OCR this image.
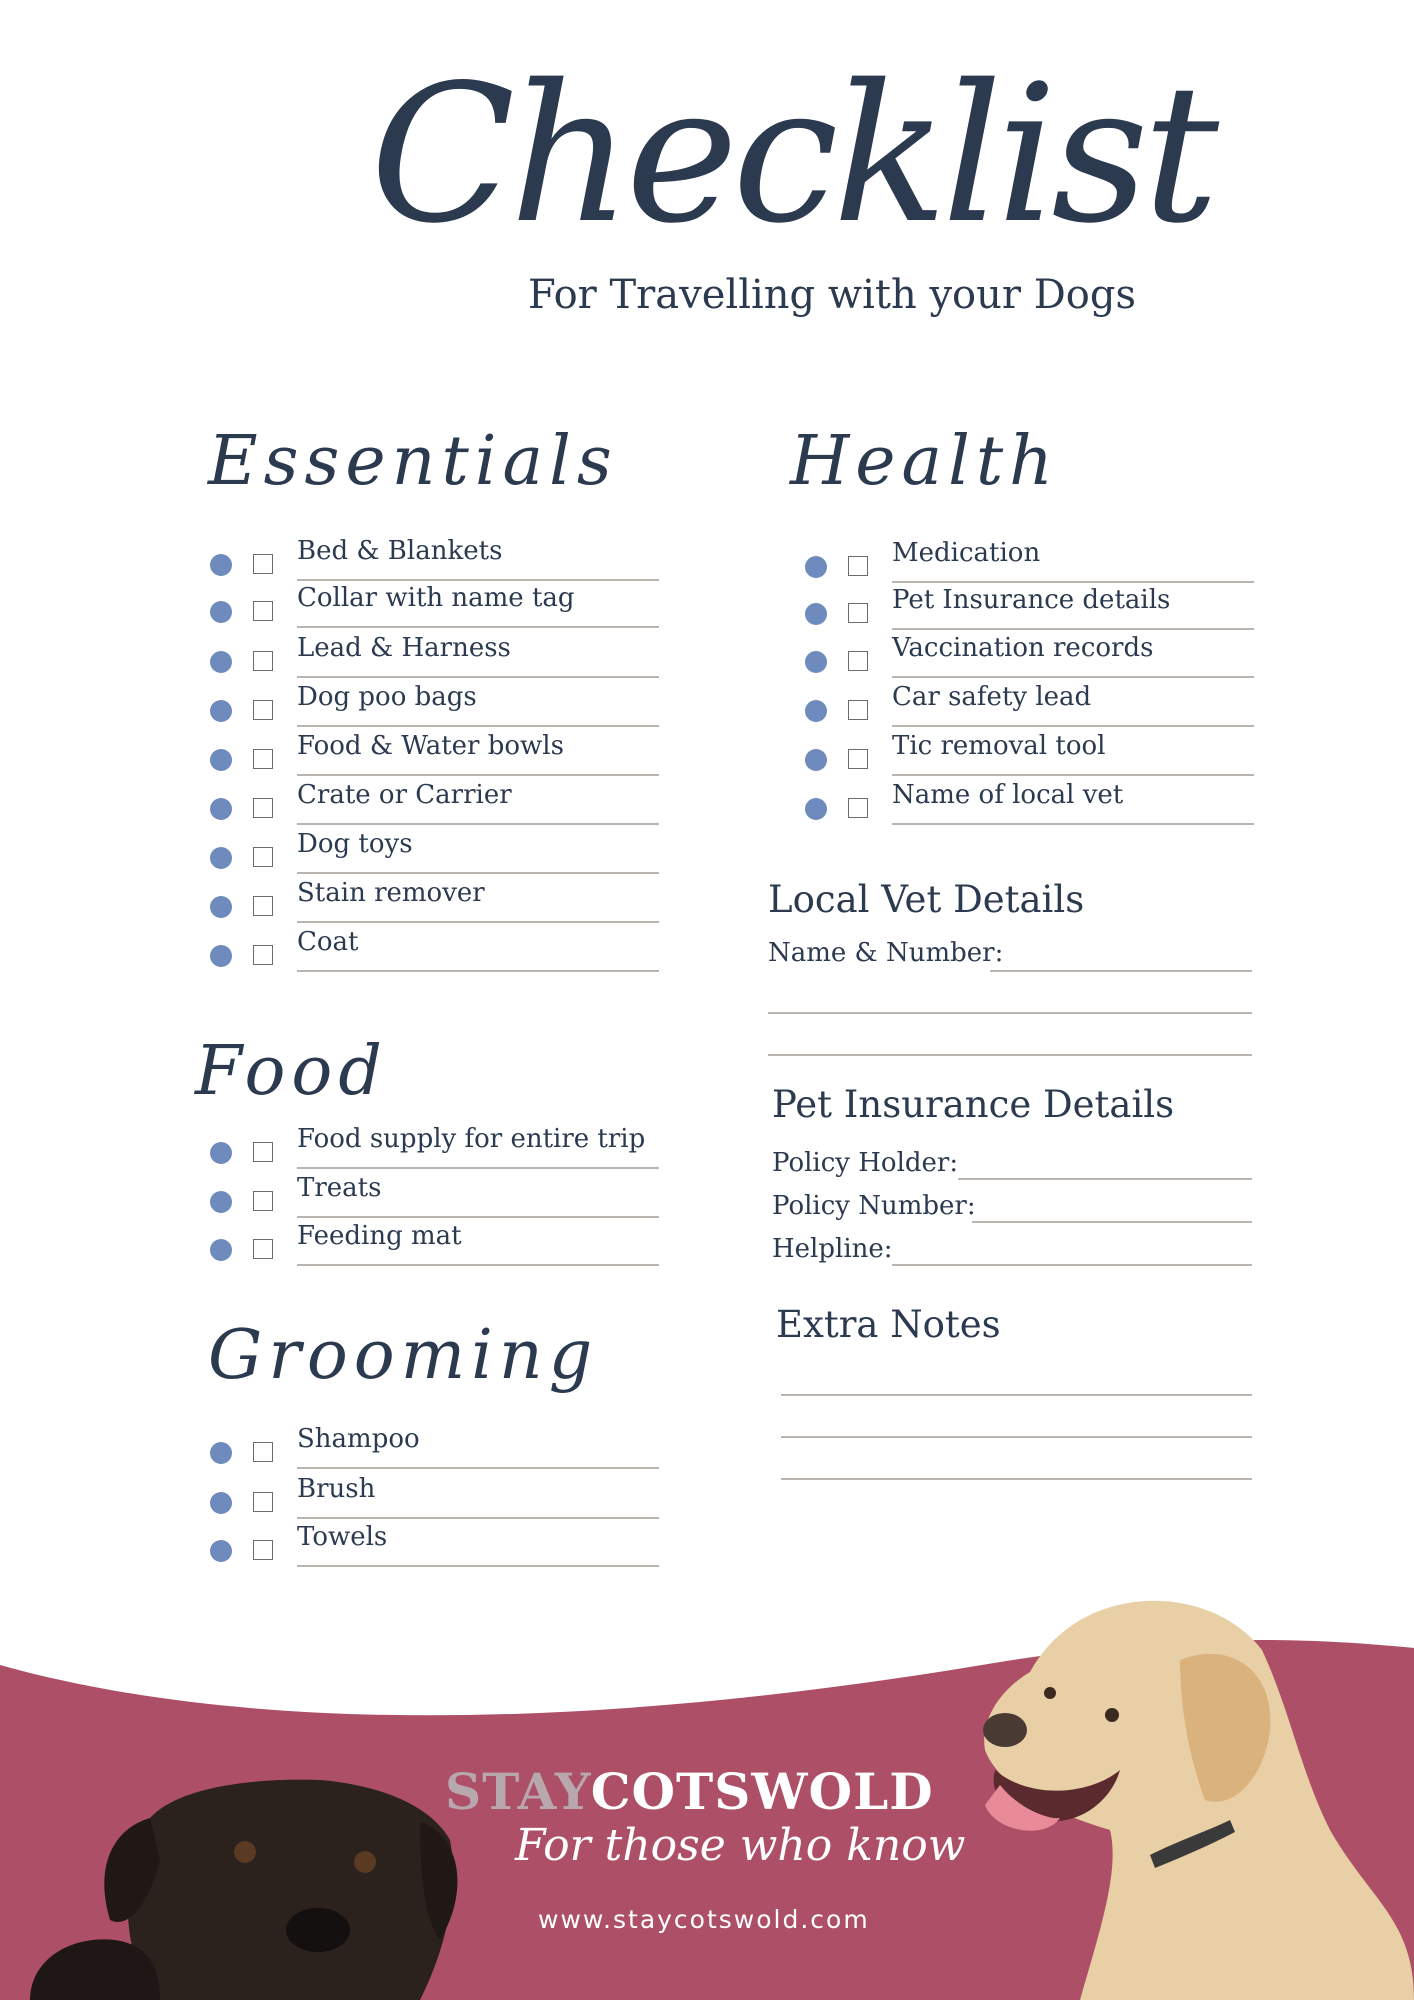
Checklist
For Travelling with your Dogs
Essentials	Health
Food
Grooming
Bed & Blankets
Collar with name tag
Lead & Harness
Dog poo bags
Food & Water bowls
Crate or Carrier
Dog toys
Stain remover
Coat
Food supply for entire trip
Treats
Feeding mat
Shampoo
Brush
Towels
Medication
Pet Insurance details
Vaccination records
Car safety lead
Tic removal tool
Name of local vet
Local Vet Details
Name & Number:
Pet Insurance Details
Policy Holder:
Policy Number:
Helpline:
Extra Notes
STAYCOTSWOLD
For those who know
www.staycotswold.com
